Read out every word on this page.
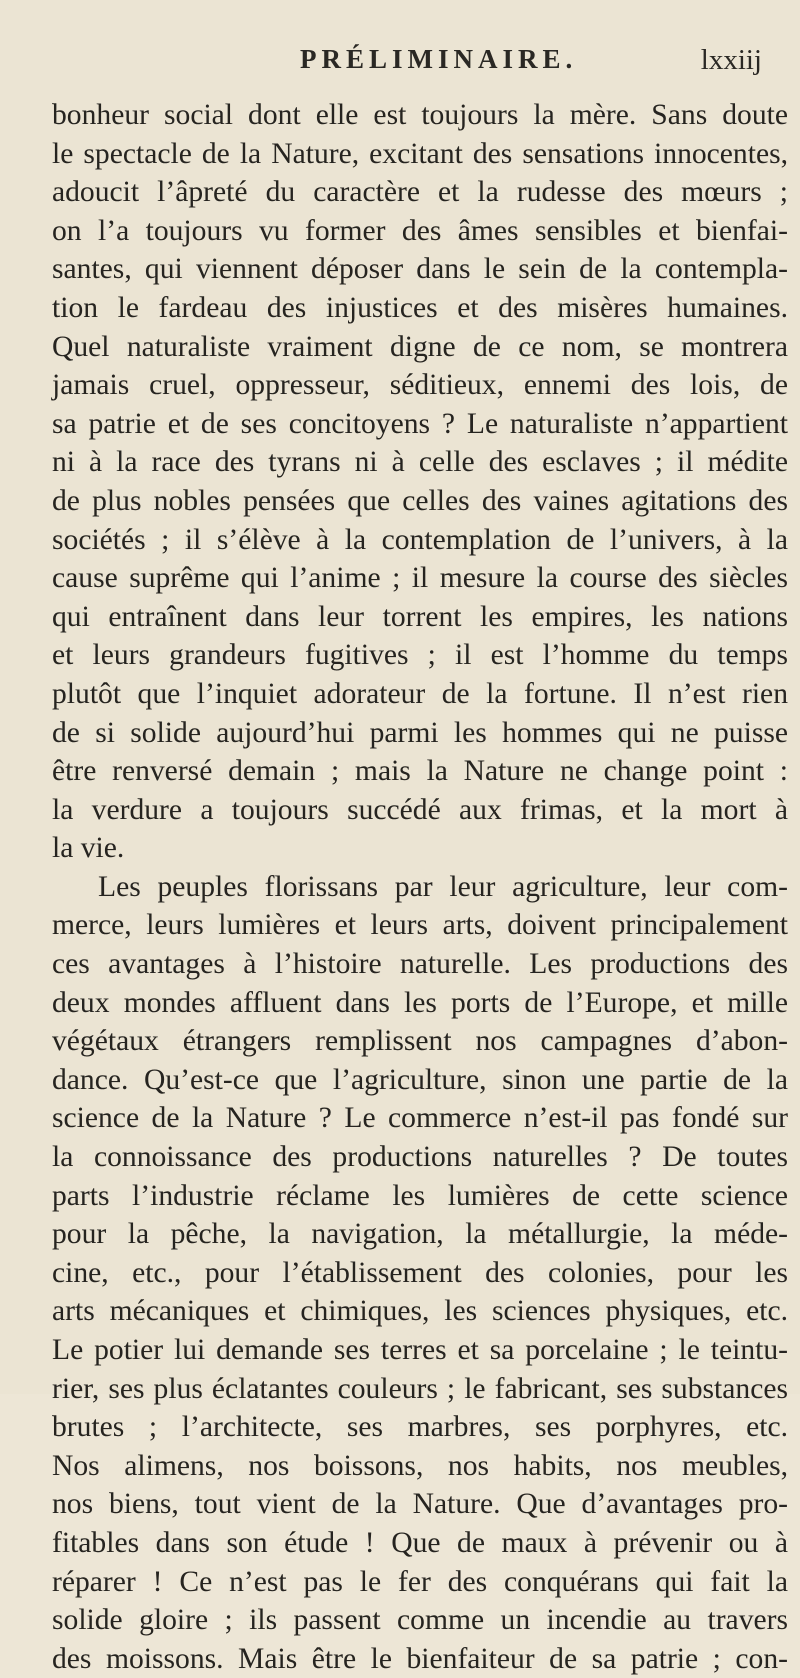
PRÉLIMINAIRE.	lxxiij
bonheur social dont elle est toujours la mère. Sans doute
le spectacle de la Nature, excitant des sensations innocentes,
adoucit l’âpreté du caractère et la rudesse des mœurs ;
on l’a toujours vu former des âmes sensibles et bienfai-
santes, qui viennent déposer dans le sein de la contempla-
tion le fardeau des injustices et des misères humaines.
Quel naturaliste vraiment digne de ce nom, se montrera
jamais cruel, oppresseur, séditieux, ennemi des lois, de
sa patrie et de ses concitoyens ? Le naturaliste n’appartient
ni à la race des tyrans ni à celle des esclaves ; il médite
de plus nobles pensées que celles des vaines agitations des
sociétés ; il s’élève à la contemplation de l’univers, à la
cause suprême qui l’anime ; il mesure la course des siècles
qui entraînent dans leur torrent les empires, les nations
et leurs grandeurs fugitives ; il est l’homme du temps
plutôt que l’inquiet adorateur de la fortune. Il n’est rien
de si solide aujourd’hui parmi les hommes qui ne puisse
être renversé demain ; mais la Nature ne change point :
la verdure a toujours succédé aux frimas, et la mort à
la vie.
Les peuples florissans par leur agriculture, leur com-
merce, leurs lumières et leurs arts, doivent principalement
ces avantages à l’histoire naturelle. Les productions des
deux mondes affluent dans les ports de l’Europe, et mille
végétaux étrangers remplissent nos campagnes d’abon-
dance. Qu’est-ce que l’agriculture, sinon une partie de la
science de la Nature ? Le commerce n’est-il pas fondé sur
la connoissance des productions naturelles ? De toutes
parts l’industrie réclame les lumières de cette science
pour la pêche, la navigation, la métallurgie, la méde-
cine, etc., pour l’établissement des colonies, pour les
arts mécaniques et chimiques, les sciences physiques, etc.
Le potier lui demande ses terres et sa porcelaine ; le teintu-
rier, ses plus éclatantes couleurs ; le fabricant, ses substances
brutes ; l’architecte, ses marbres, ses porphyres, etc.
Nos alimens, nos boissons, nos habits, nos meubles,
nos biens, tout vient de la Nature. Que d’avantages pro-
fitables dans son étude ! Que de maux à prévenir ou à
réparer ! Ce n’est pas le fer des conquérans qui fait la
solide gloire ; ils passent comme un incendie au travers
des moissons. Mais être le bienfaiteur de sa patrie ; con-
